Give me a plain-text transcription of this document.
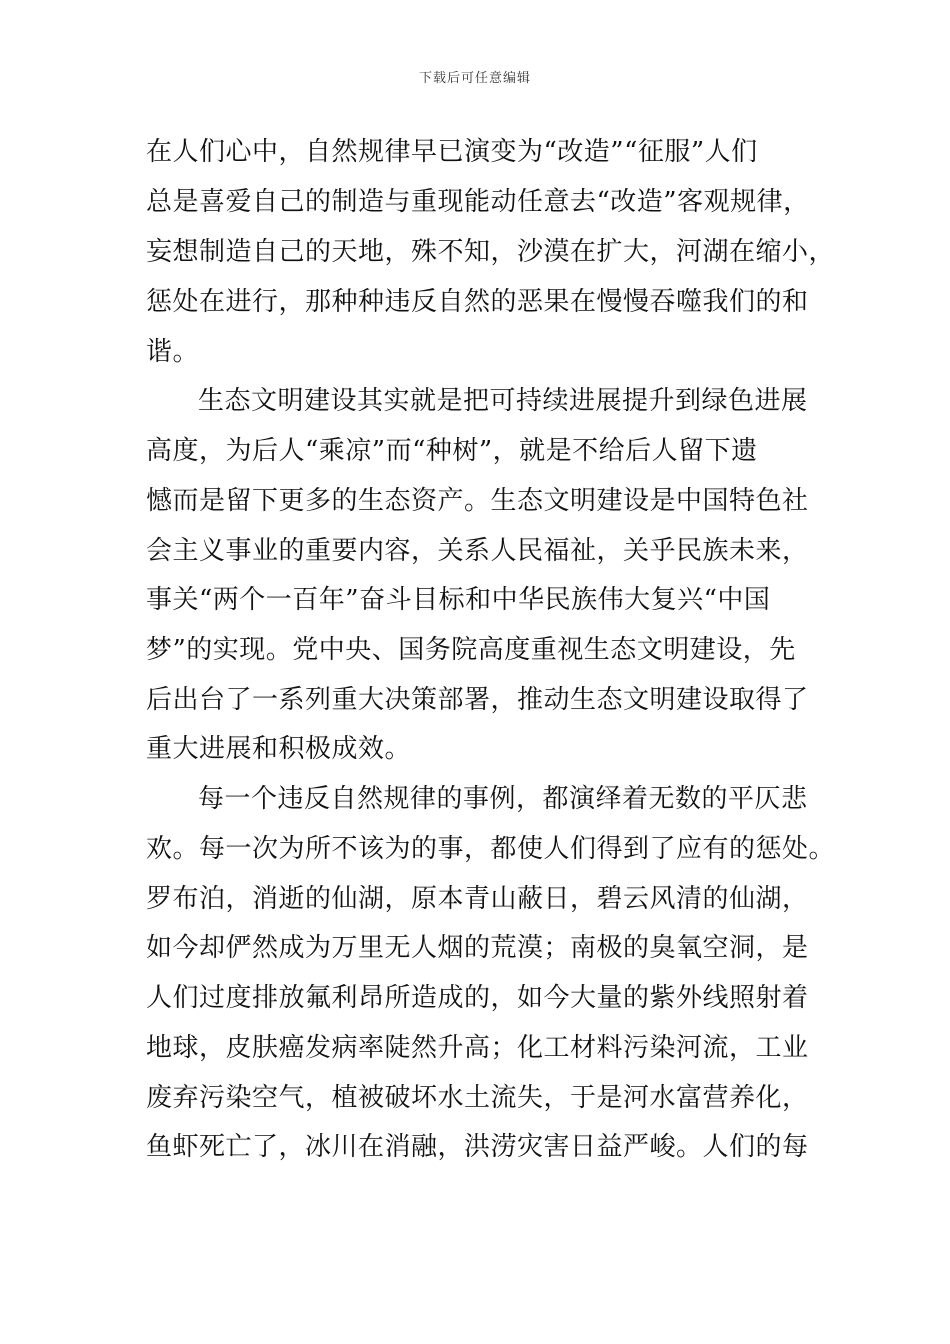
下载后可任意编辑
在人们心中，自然规律早已演变为“改造”“征服”人们
总是喜爱自己的制造与重现能动任意去“改造”客观规律，
妄想制造自己的天地，殊不知，沙漠在扩大，河湖在缩小，
惩处在进行，那种种违反自然的恶果在慢慢吞噬我们的和
谐。
生态文明建设其实就是把可持续进展提升到绿色进展
高度，为后人“乘凉”而“种树”，就是不给后人留下遗
憾而是留下更多的生态资产。生态文明建设是中国特色社
会主义事业的重要内容，关系人民福祉，关乎民族未来，
事关“两个一百年”奋斗目标和中华民族伟大复兴“中国
梦”的实现。党中央、国务院高度重视生态文明建设，先
后出台了一系列重大决策部署，推动生态文明建设取得了
重大进展和积极成效。
每一个违反自然规律的事例，都演绎着无数的平仄悲
欢。每一次为所不该为的事，都使人们得到了应有的惩处。
罗布泊，消逝的仙湖，原本青山蔽日，碧云风清的仙湖，
如今却俨然成为万里无人烟的荒漠；南极的臭氧空洞，是
人们过度排放氟利昂所造成的，如今大量的紫外线照射着
地球，皮肤癌发病率陡然升高；化工材料污染河流，工业
废弃污染空气，植被破坏水土流失，于是河水富营养化，
鱼虾死亡了，冰川在消融，洪涝灾害日益严峻。人们的每
